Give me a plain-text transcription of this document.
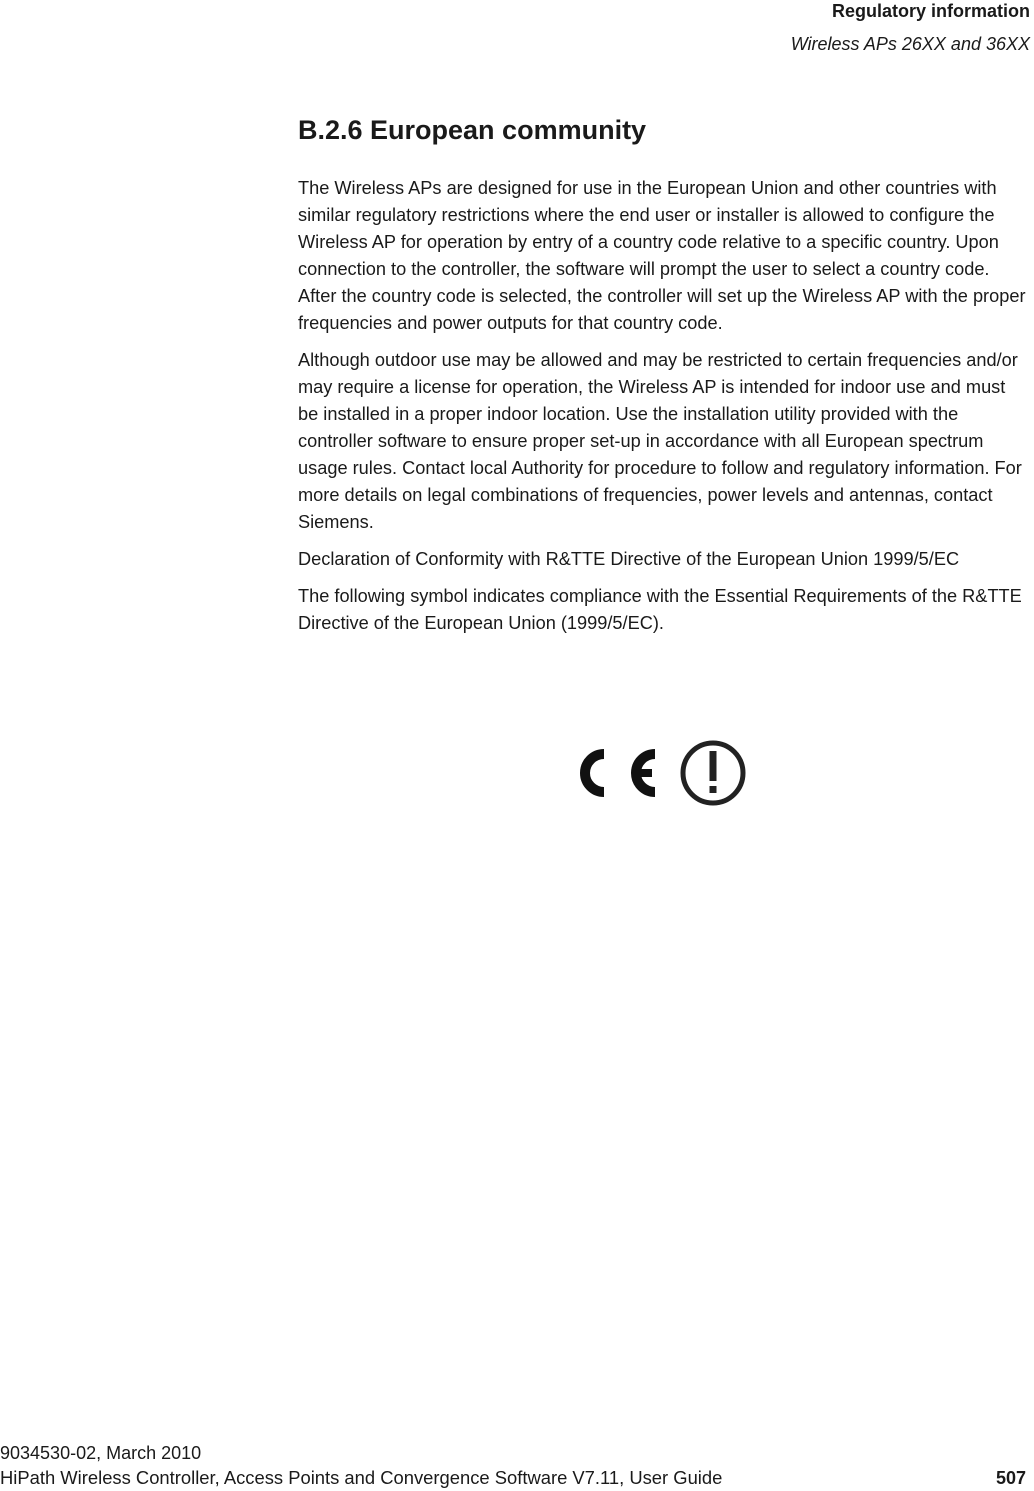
Regulatory information
Wireless APs 26XX and 36XX
B.2.6 European community

The Wireless APs are designed for use in the European Union and other countries with similar regulatory restrictions where the end user or installer is allowed to configure the Wireless AP for operation by entry of a country code relative to a specific country. Upon connection to the controller, the software will prompt the user to select a country code. After the country code is selected, the controller will set up the Wireless AP with the proper frequencies and power outputs for that country code.

Although outdoor use may be allowed and may be restricted to certain frequencies and/or may require a license for operation, the Wireless AP is intended for indoor use and must be installed in a proper indoor location. Use the installation utility provided with the controller software to ensure proper set-up in accordance with all European spectrum usage rules. Contact local Authority for procedure to follow and regulatory information. For more details on legal combinations of frequencies, power levels and antennas, contact Siemens.

Declaration of Conformity with R&TTE Directive of the European Union 1999/5/EC

The following symbol indicates compliance with the Essential Requirements of the R&TTE Directive of the European Union (1999/5/EC).

9034530-02, March 2010
HiPath Wireless Controller, Access Points and Convergence Software V7.11, User Guide	507
